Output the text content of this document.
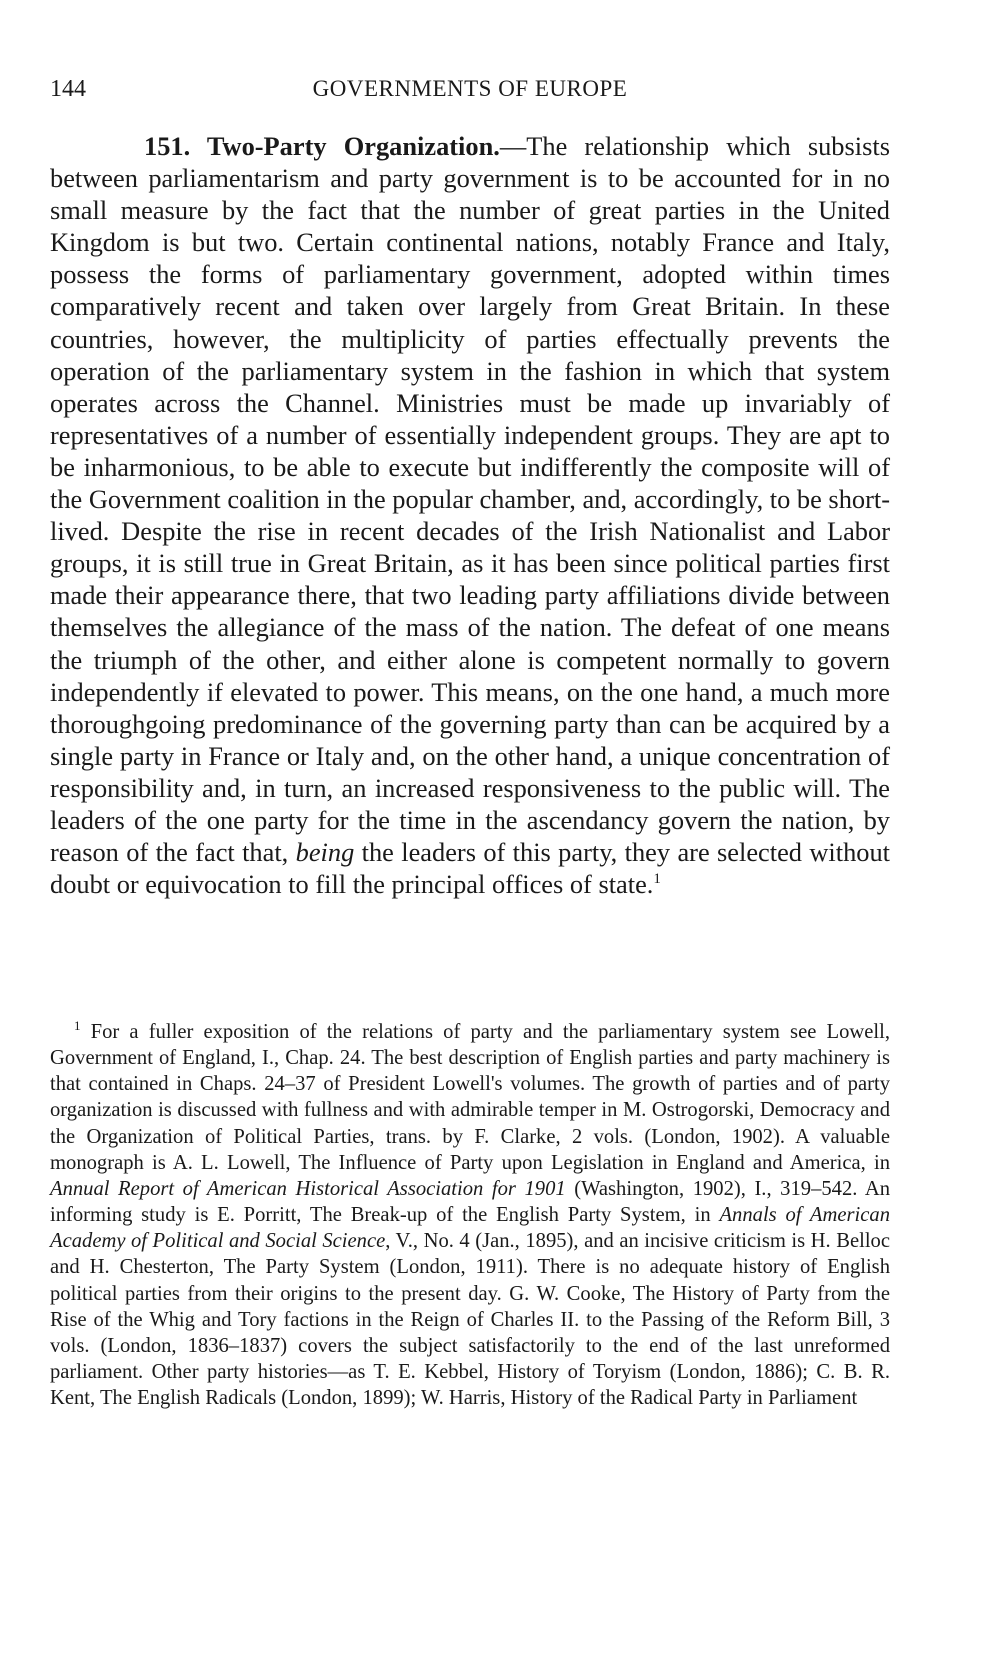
144	GOVERNMENTS OF EUROPE

151. Two-Party Organization.—The relationship which subsists between parliamentarism and party government is to be accounted for in no small measure by the fact that the number of great parties in the United Kingdom is but two. Certain continental nations, notably France and Italy, possess the forms of parliamentary government, adopted within times comparatively recent and taken over largely from Great Britain. In these countries, however, the multiplicity of parties effectually prevents the operation of the parliamentary system in the fashion in which that system operates across the Channel. Ministries must be made up invariably of representatives of a number of essentially independent groups. They are apt to be inharmonious, to be able to execute but indifferently the composite will of the Government coalition in the popular chamber, and, accordingly, to be short-lived. Despite the rise in recent decades of the Irish Nationalist and Labor groups, it is still true in Great Britain, as it has been since political parties first made their appearance there, that two leading party affiliations divide between themselves the allegiance of the mass of the nation. The defeat of one means the triumph of the other, and either alone is competent normally to govern independently if elevated to power. This means, on the one hand, a much more thoroughgoing predominance of the governing party than can be acquired by a single party in France or Italy and, on the other hand, a unique concentration of responsibility and, in turn, an increased responsiveness to the public will. The leaders of the one party for the time in the ascendancy govern the nation, by reason of the fact that, being the leaders of this party, they are selected without doubt or equivocation to fill the principal offices of state.$^1$

$^1$ For a fuller exposition of the relations of party and the parliamentary system see Lowell, Government of England, I., Chap. 24. The best description of English parties and party machinery is that contained in Chaps. 24–37 of President Lowell's volumes. The growth of parties and of party organization is discussed with fullness and with admirable temper in M. Ostrogorski, Democracy and the Organization of Political Parties, trans. by F. Clarke, 2 vols. (London, 1902). A valuable monograph is A. L. Lowell, The Influence of Party upon Legislation in England and America, in Annual Report of American Historical Association for 1901 (Washington, 1902), I., 319–542. An informing study is E. Porritt, The Break-up of the English Party System, in Annals of American Academy of Political and Social Science, V., No. 4 (Jan., 1895), and an incisive criticism is H. Belloc and H. Chesterton, The Party System (London, 1911). There is no adequate history of English political parties from their origins to the present day. G. W. Cooke, The History of Party from the Rise of the Whig and Tory factions in the Reign of Charles II. to the Passing of the Reform Bill, 3 vols. (London, 1836–1837) covers the subject satisfactorily to the end of the last unreformed parliament. Other party histories—as T. E. Kebbel, History of Toryism (London, 1886); C. B. R. Kent, The English Radicals (London, 1899); W. Harris, History of the Radical Party in Parliament
